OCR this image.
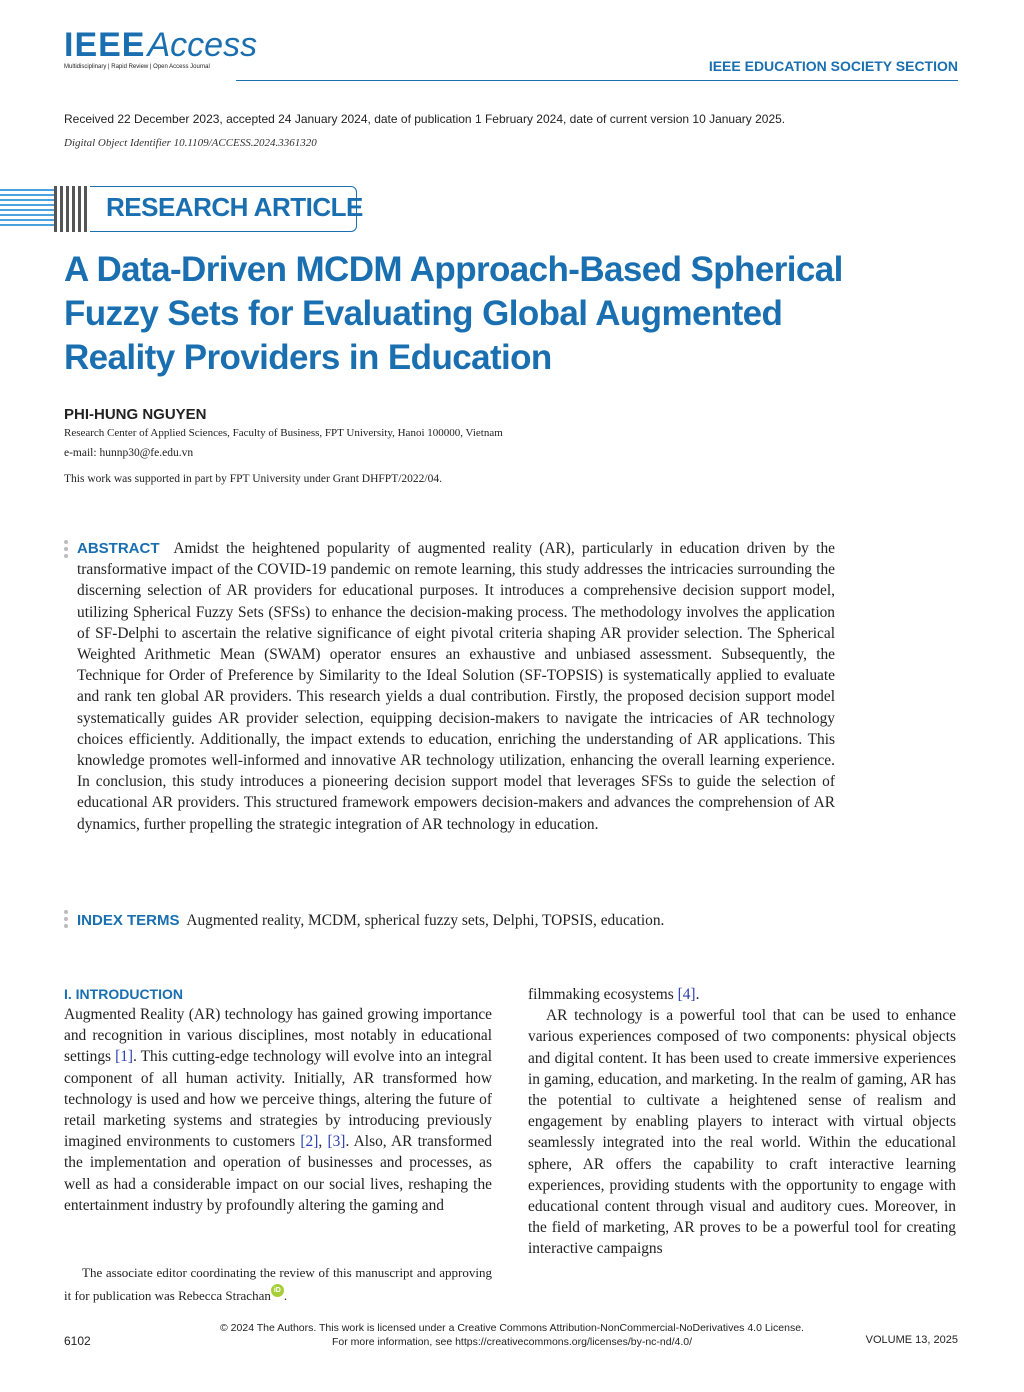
IEEEAccess
Multidisciplinary | Rapid Review | Open Access Journal	IEEE EDUCATION SOCIETY SECTION
Received 22 December 2023, accepted 24 January 2024, date of publication 1 February 2024, date of current version 10 January 2025.
Digital Object Identifier 10.1109/ACCESS.2024.3361320
RESEARCH ARTICLE
A Data-Driven MCDM Approach-Based Spherical Fuzzy Sets for Evaluating Global Augmented Reality Providers in Education
PHI-HUNG NGUYEN
Research Center of Applied Sciences, Faculty of Business, FPT University, Hanoi 100000, Vietnam
e-mail: hunnp30@fe.edu.vn
This work was supported in part by FPT University under Grant DHFPT/2022/04.

ABSTRACT Amidst the heightened popularity of augmented reality (AR), particularly in education driven by the transformative impact of the COVID-19 pandemic on remote learning, this study addresses the intricacies surrounding the discerning selection of AR providers for educational purposes. It introduces a comprehensive decision support model, utilizing Spherical Fuzzy Sets (SFSs) to enhance the decision-making process. The methodology involves the application of SF-Delphi to ascertain the relative significance of eight pivotal criteria shaping AR provider selection. The Spherical Weighted Arithmetic Mean (SWAM) operator ensures an exhaustive and unbiased assessment. Subsequently, the Technique for Order of Preference by Similarity to the Ideal Solution (SF-TOPSIS) is systematically applied to evaluate and rank ten global AR providers. This research yields a dual contribution. Firstly, the proposed decision support model systematically guides AR provider selection, equipping decision-makers to navigate the intricacies of AR technology choices efficiently. Additionally, the impact extends to education, enriching the understanding of AR applications. This knowledge promotes well-informed and innovative AR technology utilization, enhancing the overall learning experience. In conclusion, this study introduces a pioneering decision support model that leverages SFSs to guide the selection of educational AR providers. This structured framework empowers decision-makers and advances the comprehension of AR dynamics, further propelling the strategic integration of AR technology in education.

INDEX TERMS Augmented reality, MCDM, spherical fuzzy sets, Delphi, TOPSIS, education.

I. INTRODUCTION

Augmented Reality (AR) technology has gained growing importance and recognition in various disciplines, most notably in educational settings [1]. This cutting-edge technology will evolve into an integral component of all human activity. Initially, AR transformed how technology is used and how we perceive things, altering the future of retail marketing systems and strategies by introducing previously imagined environments to customers [2], [3]. Also, AR transformed the implementation and operation of businesses and processes, as well as had a considerable impact on our social lives, reshaping the entertainment industry by profoundly altering the gaming and

The associate editor coordinating the review of this manuscript and approving it for publication was Rebecca Strachan iD .

filmmaking ecosystems [4].

AR technology is a powerful tool that can be used to enhance various experiences composed of two components: physical objects and digital content. It has been used to create immersive experiences in gaming, education, and marketing. In the realm of gaming, AR has the potential to cultivate a heightened sense of realism and engagement by enabling players to interact with virtual objects seamlessly integrated into the real world. Within the educational sphere, AR offers the capability to craft interactive learning experiences, providing students with the opportunity to engage with educational content through visual and auditory cues. Moreover, in the field of marketing, AR proves to be a powerful tool for creating interactive campaigns

© 2024 The Authors. This work is licensed under a Creative Commons Attribution-NonCommercial-NoDerivatives 4.0 License.
For more information, see https://creativecommons.org/licenses/by-nc-nd/4.0/
6102	VOLUME 13, 2025
